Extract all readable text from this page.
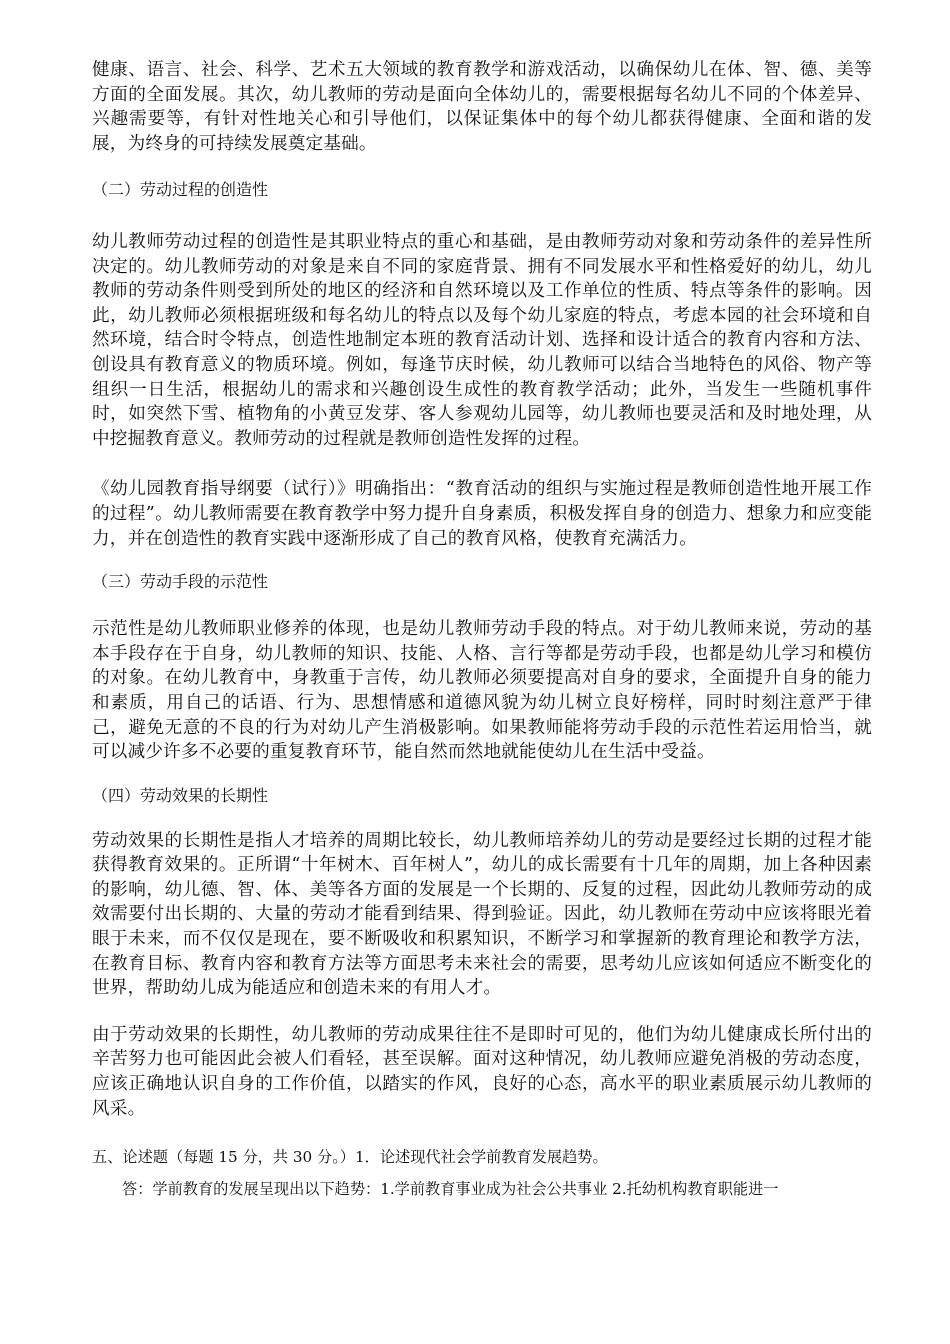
健康、语言、社会、科学、艺术五大领域的教育教学和游戏活动，以确保幼儿在体、智、德、美等方面的全面发展。其次，幼儿教师的劳动是面向全体幼儿的，需要根据每名幼儿不同的个体差异、兴趣需要等，有针对性地关心和引导他们，以保证集体中的每个幼儿都获得健康、全面和谐的发展，为终身的可持续发展奠定基础。

（二）劳动过程的创造性

幼儿教师劳动过程的创造性是其职业特点的重心和基础，是由教师劳动对象和劳动条件的差异性所决定的。幼儿教师劳动的对象是来自不同的家庭背景、拥有不同发展水平和性格爱好的幼儿，幼儿教师的劳动条件则受到所处的地区的经济和自然环境以及工作单位的性质、特点等条件的影响。因此，幼儿教师必须根据班级和每名幼儿的特点以及每个幼儿家庭的特点，考虑本园的社会环境和自然环境，结合时令特点，创造性地制定本班的教育活动计划、选择和设计适合的教育内容和方法、创设具有教育意义的物质环境。例如，每逢节庆时候，幼儿教师可以结合当地特色的风俗、物产等组织一日生活，根据幼儿的需求和兴趣创设生成性的教育教学活动；此外，当发生一些随机事件时，如突然下雪、植物角的小黄豆发芽、客人参观幼儿园等，幼儿教师也要灵活和及时地处理，从中挖掘教育意义。教师劳动的过程就是教师创造性发挥的过程。

《幼儿园教育指导纲要（试行）》明确指出：“教育活动的组织与实施过程是教师创造性地开展工作的过程”。幼儿教师需要在教育教学中努力提升自身素质，积极发挥自身的创造力、想象力和应变能力，并在创造性的教育实践中逐渐形成了自己的教育风格，使教育充满活力。

（三）劳动手段的示范性

示范性是幼儿教师职业修养的体现，也是幼儿教师劳动手段的特点。对于幼儿教师来说，劳动的基本手段存在于自身，幼儿教师的知识、技能、人格、言行等都是劳动手段，也都是幼儿学习和模仿的对象。在幼儿教育中，身教重于言传，幼儿教师必须要提高对自身的要求，全面提升自身的能力和素质，用自己的话语、行为、思想情感和道德风貌为幼儿树立良好榜样，同时时刻注意严于律己，避免无意的不良的行为对幼儿产生消极影响。如果教师能将劳动手段的示范性若运用恰当，就可以减少许多不必要的重复教育环节，能自然而然地就能使幼儿在生活中受益。

（四）劳动效果的长期性

劳动效果的长期性是指人才培养的周期比较长，幼儿教师培养幼儿的劳动是要经过长期的过程才能获得教育效果的。正所谓“十年树木、百年树人”，幼儿的成长需要有十几年的周期，加上各种因素的影响，幼儿德、智、体、美等各方面的发展是一个长期的、反复的过程，因此幼儿教师劳动的成效需要付出长期的、大量的劳动才能看到结果、得到验证。因此，幼儿教师在劳动中应该将眼光着眼于未来，而不仅仅是现在，要不断吸收和积累知识，不断学习和掌握新的教育理论和教学方法，在教育目标、教育内容和教育方法等方面思考未来社会的需要，思考幼儿应该如何适应不断变化的世界，帮助幼儿成为能适应和创造未来的有用人才。

由于劳动效果的长期性，幼儿教师的劳动成果往往不是即时可见的，他们为幼儿健康成长所付出的辛苦努力也可能因此会被人们看轻，甚至误解。面对这种情况，幼儿教师应避免消极的劳动态度，应该正确地认识自身的工作价值，以踏实的作风，良好的心态，高水平的职业素质展示幼儿教师的风采。

五、论述题（每题 15 分，共 30 分。）1．论述现代社会学前教育发展趋势。

答：学前教育的发展呈现出以下趋势：1.学前教育事业成为社会公共事业 2.托幼机构教育职能进一
